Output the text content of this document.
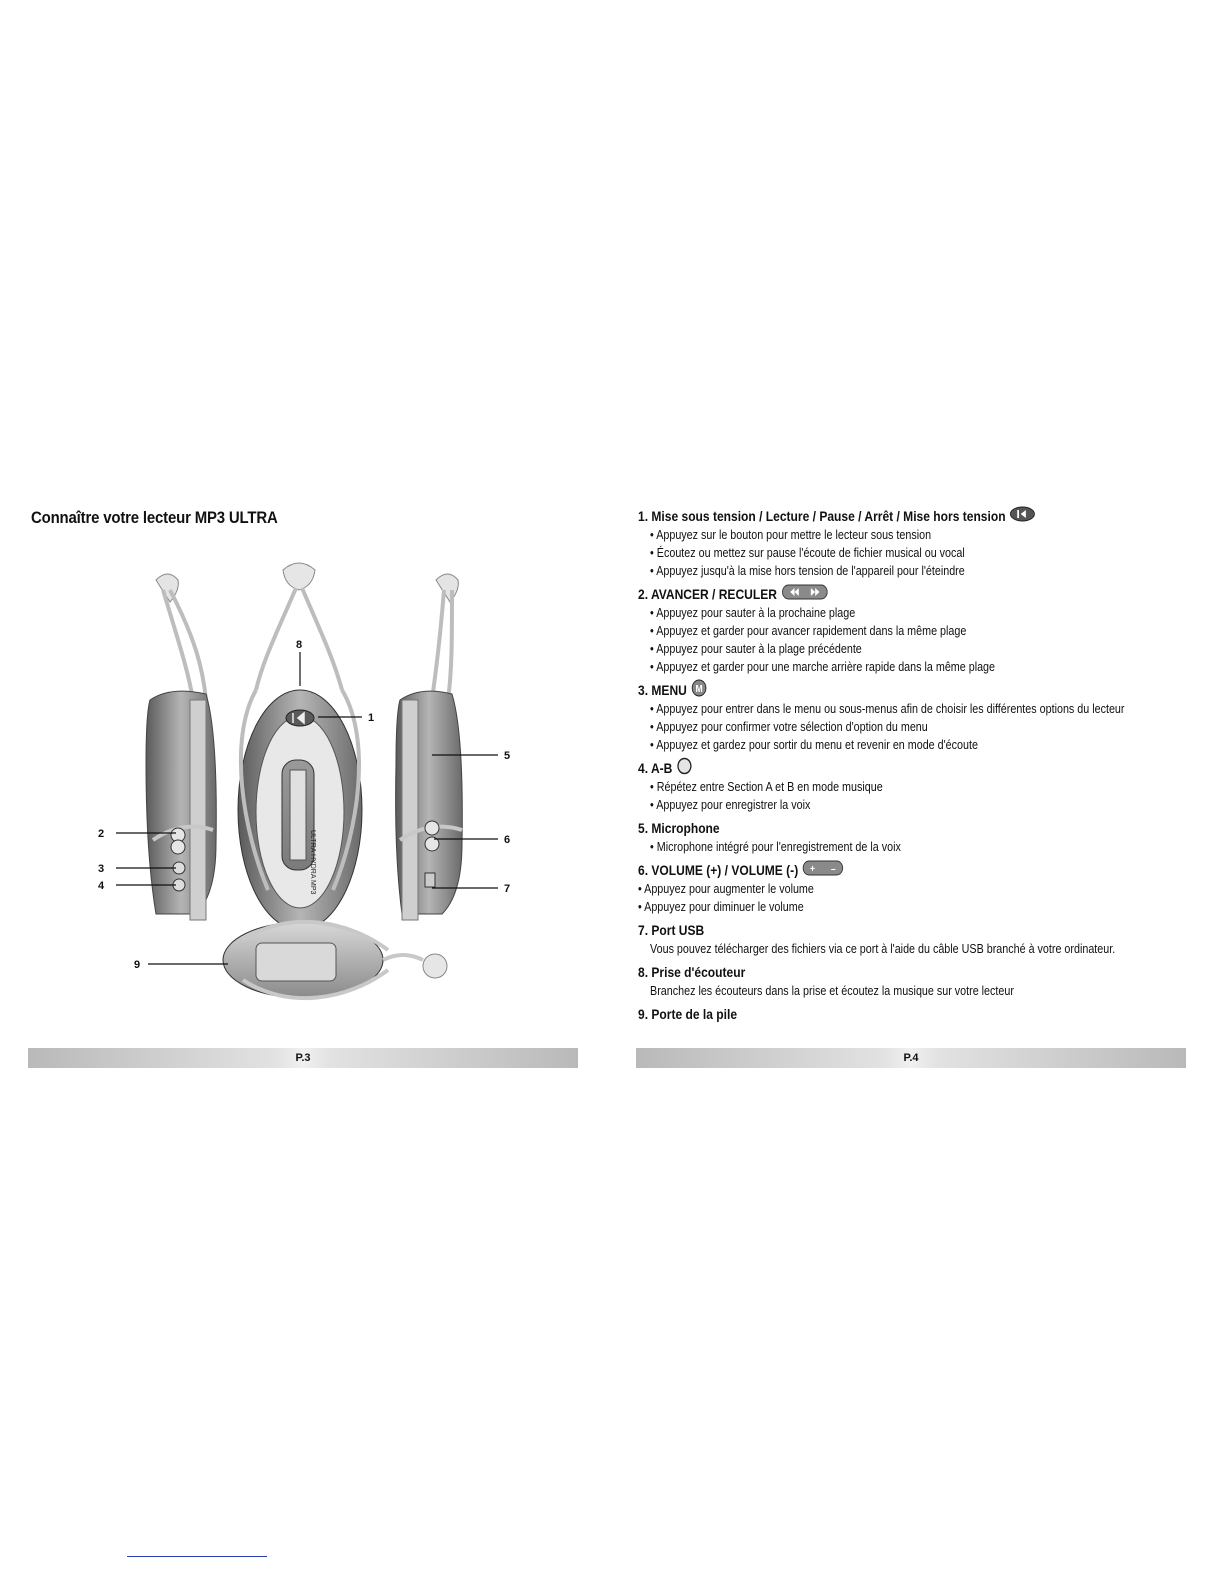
Connaître votre lecteur MP3 ULTRA
ULTRA HYDRA MP3
8
1
2
3
4
5
6
7
9
P.3
1. Mise sous tension / Lecture / Pause / Arrêt / Mise hors tension
• Appuyez sur le bouton pour mettre le lecteur sous tension
• Écoutez ou mettez sur pause l'écoute de fichier musical ou vocal
• Appuyez jusqu'à la mise hors tension de l'appareil pour l'éteindre
2. AVANCER / RECULER
• Appuyez pour sauter à la prochaine plage
• Appuyez et garder pour avancer rapidement dans la même plage
• Appuyez pour sauter à la plage précédente
• Appuyez et garder pour une marche arrière rapide dans la même plage
3. MENU M
• Appuyez pour entrer dans le menu ou sous-menus afin de choisir les différentes options du lecteur
• Appuyez pour confirmer votre sélection d'option du menu
• Appuyez et gardez pour sortir du menu et revenir en mode d'écoute
4. A-B
• Répétez entre Section A et B en mode musique
• Appuyez pour enregistrer la voix
5. Microphone
• Microphone intégré pour l'enregistrement de la voix
6. VOLUME (+) / VOLUME (-) + –
• Appuyez pour augmenter le volume
• Appuyez pour diminuer le volume
7. Port USB
Vous pouvez télécharger des fichiers via ce port à l'aide du câble USB branché à votre ordinateur.
8. Prise d'écouteur
Branchez les écouteurs dans la prise et écoutez la musique sur votre lecteur
9. Porte de la pile
P.4
